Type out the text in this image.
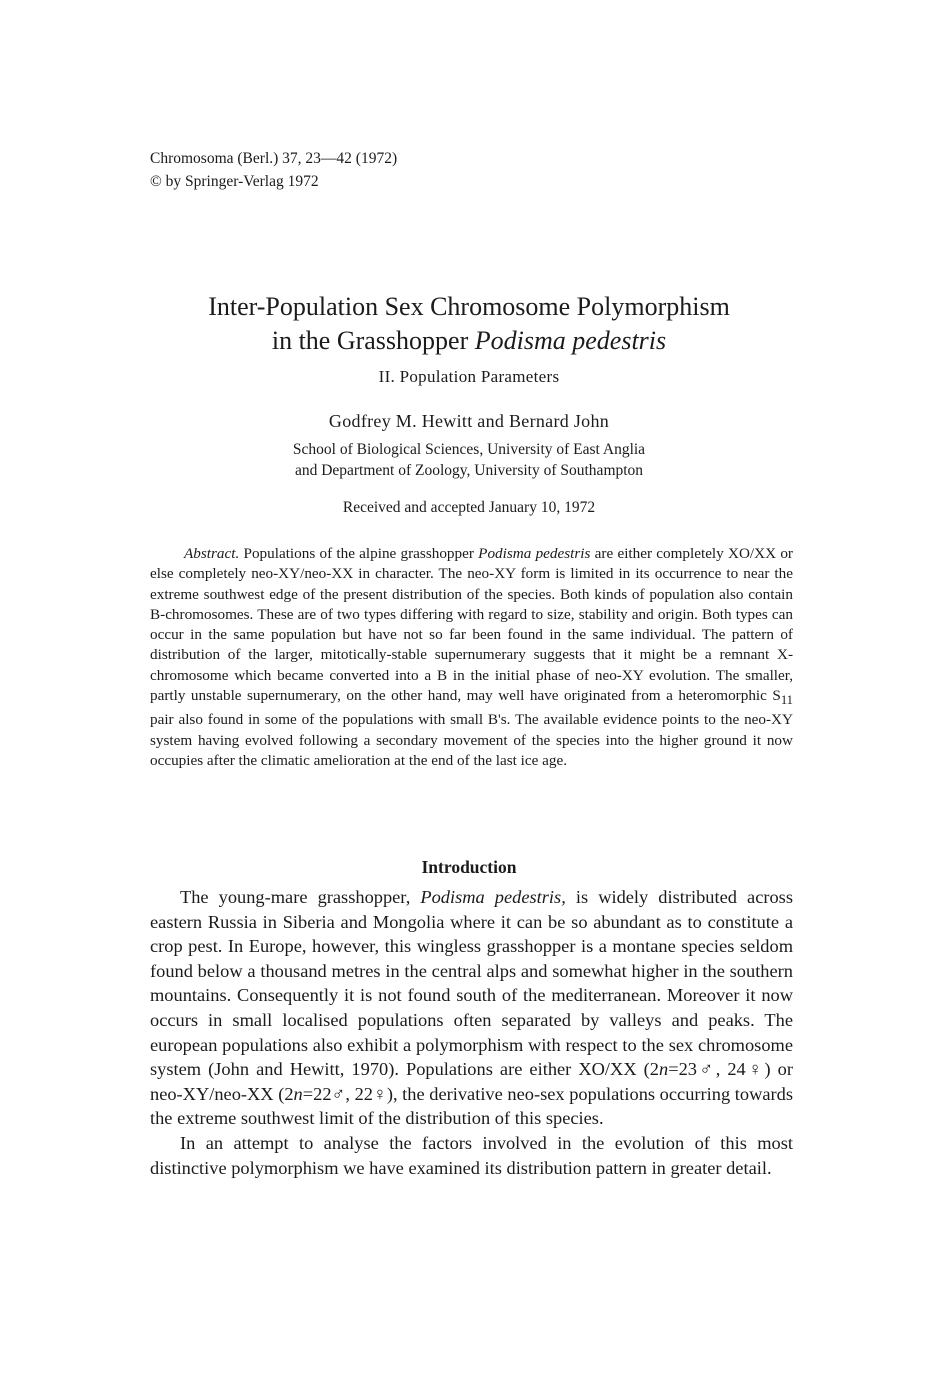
Chromosoma (Berl.) 37, 23—42 (1972)
© by Springer-Verlag 1972
Inter-Population Sex Chromosome Polymorphism
in the Grasshopper Podisma pedestris
II. Population Parameters
Godfrey M. Hewitt and Bernard John
School of Biological Sciences, University of East Anglia
and Department of Zoology, University of Southampton
Received and accepted January 10, 1972

Abstract. Populations of the alpine grasshopper Podisma pedestris are either completely XO/XX or else completely neo-XY/neo-XX in character. The neo-XY form is limited in its occurrence to near the extreme southwest edge of the present distribution of the species. Both kinds of population also contain B-chromosomes. These are of two types differing with regard to size, stability and origin. Both types can occur in the same population but have not so far been found in the same individual. The pattern of distribution of the larger, mitotically-stable supernumerary suggests that it might be a remnant X-chromosome which became converted into a B in the initial phase of neo-XY evolution. The smaller, partly unstable supernumerary, on the other hand, may well have originated from a heteromorphic $S_{11}$ pair also found in some of the populations with small B's. The available evidence points to the neo-XY system having evolved following a secondary movement of the species into the higher ground it now occupies after the climatic amelioration at the end of the last ice age.

Introduction

The young-mare grasshopper, Podisma pedestris, is widely distributed across eastern Russia in Siberia and Mongolia where it can be so abundant as to constitute a crop pest. In Europe, however, this wingless grasshopper is a montane species seldom found below a thousand metres in the central alps and somewhat higher in the southern mountains. Consequently it is not found south of the mediterranean. Moreover it now occurs in small localised populations often separated by valleys and peaks. The european populations also exhibit a polymorphism with respect to the sex chromosome system (John and Hewitt, 1970). Populations are either XO/XX (2n=23♂, 24♀) or neo-XY/neo-XX (2n=22♂, 22♀), the derivative neo-sex populations occurring towards the extreme southwest limit of the distribution of this species.

In an attempt to analyse the factors involved in the evolution of this most distinctive polymorphism we have examined its distribution pattern in greater detail.
